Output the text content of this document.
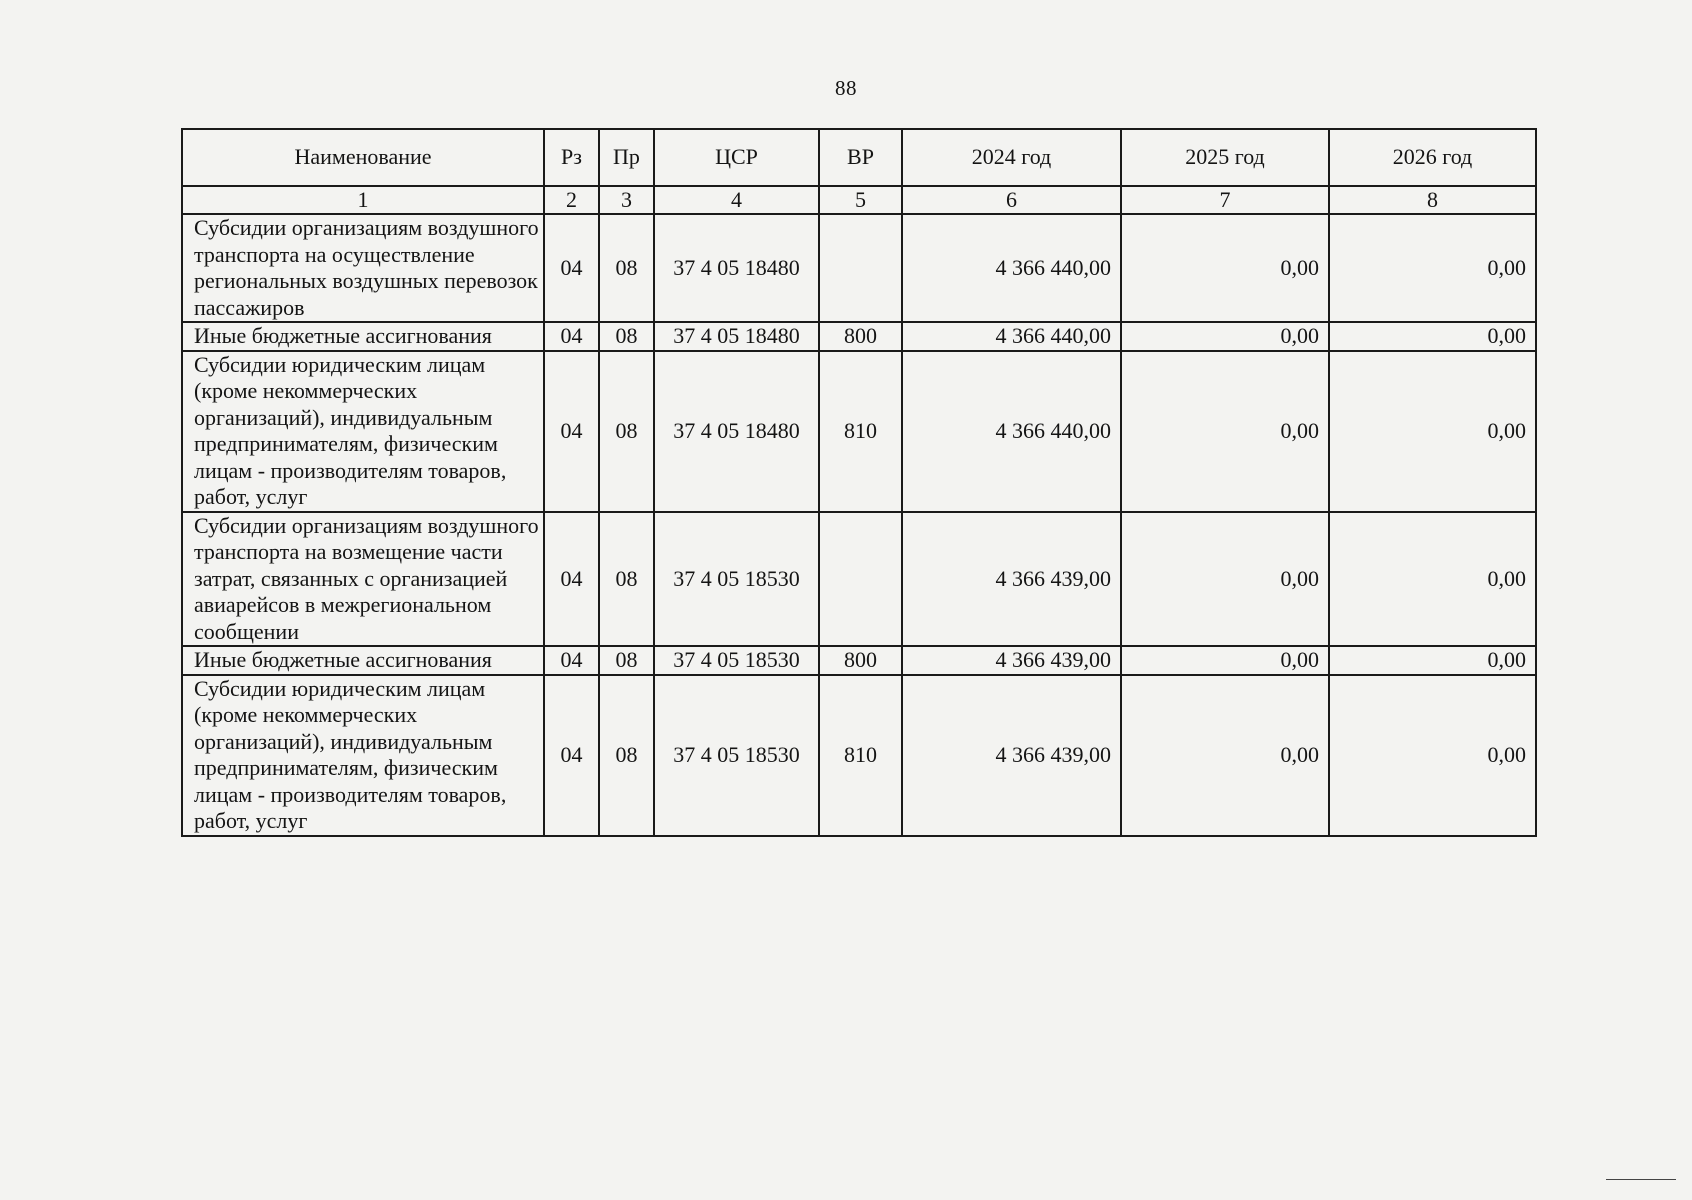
88
Наименование	Рз	Пр	ЦСР	ВР	2024 год	2025 год	2026 год
1	2	3	4	5	6	7	8
Субсидии организациям воздушного транспорта на осуществление региональных воздушных перевозок пассажиров	04	08	37 4 05 18480		4 366 440,00	0,00	0,00
Иные бюджетные ассигнования	04	08	37 4 05 18480	800	4 366 440,00	0,00	0,00
Субсидии юридическим лицам (кроме некоммерческих организаций), индивидуальным предпринимателям, физическим лицам - производителям товаров, работ, услуг	04	08	37 4 05 18480	810	4 366 440,00	0,00	0,00
Субсидии организациям воздушного транспорта на возмещение части затрат, связанных с организацией авиарейсов в межрегиональном сообщении	04	08	37 4 05 18530		4 366 439,00	0,00	0,00
Иные бюджетные ассигнования	04	08	37 4 05 18530	800	4 366 439,00	0,00	0,00
Субсидии юридическим лицам (кроме некоммерческих организаций), индивидуальным предпринимателям, физическим лицам - производителям товаров, работ, услуг	04	08	37 4 05 18530	810	4 366 439,00	0,00	0,00
